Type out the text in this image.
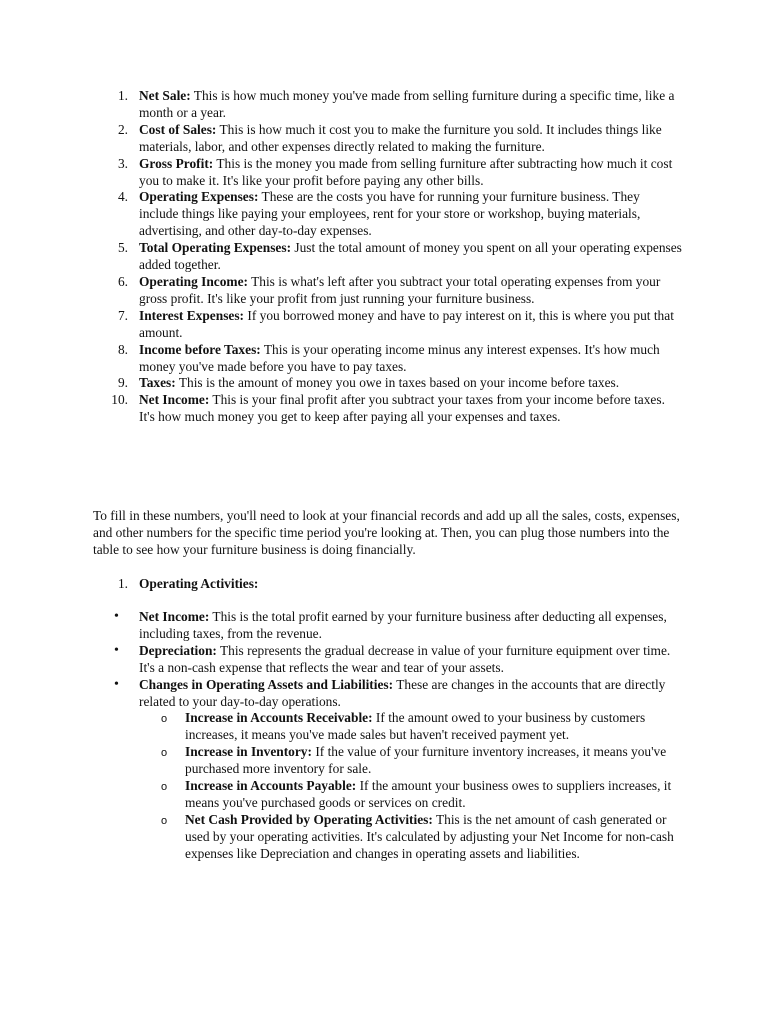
1. Net Sale: This is how much money you've made from selling furniture during a specific time, like a month or a year.
2. Cost of Sales: This is how much it cost you to make the furniture you sold. It includes things like materials, labor, and other expenses directly related to making the furniture.
3. Gross Profit: This is the money you made from selling furniture after subtracting how much it cost you to make it. It's like your profit before paying any other bills.
4. Operating Expenses: These are the costs you have for running your furniture business. They include things like paying your employees, rent for your store or workshop, buying materials, advertising, and other day-to-day expenses.
5. Total Operating Expenses: Just the total amount of money you spent on all your operating expenses added together.
6. Operating Income: This is what's left after you subtract your total operating expenses from your gross profit. It's like your profit from just running your furniture business.
7. Interest Expenses: If you borrowed money and have to pay interest on it, this is where you put that amount.
8. Income before Taxes: This is your operating income minus any interest expenses. It's how much money you've made before you have to pay taxes.
9. Taxes: This is the amount of money you owe in taxes based on your income before taxes.
10. Net Income: This is your final profit after you subtract your taxes from your income before taxes. It's how much money you get to keep after paying all your expenses and taxes.

To fill in these numbers, you'll need to look at your financial records and add up all the sales, costs, expenses, and other numbers for the specific time period you're looking at. Then, you can plug those numbers into the table to see how your furniture business is doing financially.

1. Operating Activities:
• Net Income: This is the total profit earned by your furniture business after deducting all expenses, including taxes, from the revenue.
• Depreciation: This represents the gradual decrease in value of your furniture equipment over time. It's a non-cash expense that reflects the wear and tear of your assets.
• Changes in Operating Assets and Liabilities: These are changes in the accounts that are directly related to your day-to-day operations.
o Increase in Accounts Receivable: If the amount owed to your business by customers increases, it means you've made sales but haven't received payment yet.
o Increase in Inventory: If the value of your furniture inventory increases, it means you've purchased more inventory for sale.
o Increase in Accounts Payable: If the amount your business owes to suppliers increases, it means you've purchased goods or services on credit.
o Net Cash Provided by Operating Activities: This is the net amount of cash generated or used by your operating activities. It's calculated by adjusting your Net Income for non-cash expenses like Depreciation and changes in operating assets and liabilities.
